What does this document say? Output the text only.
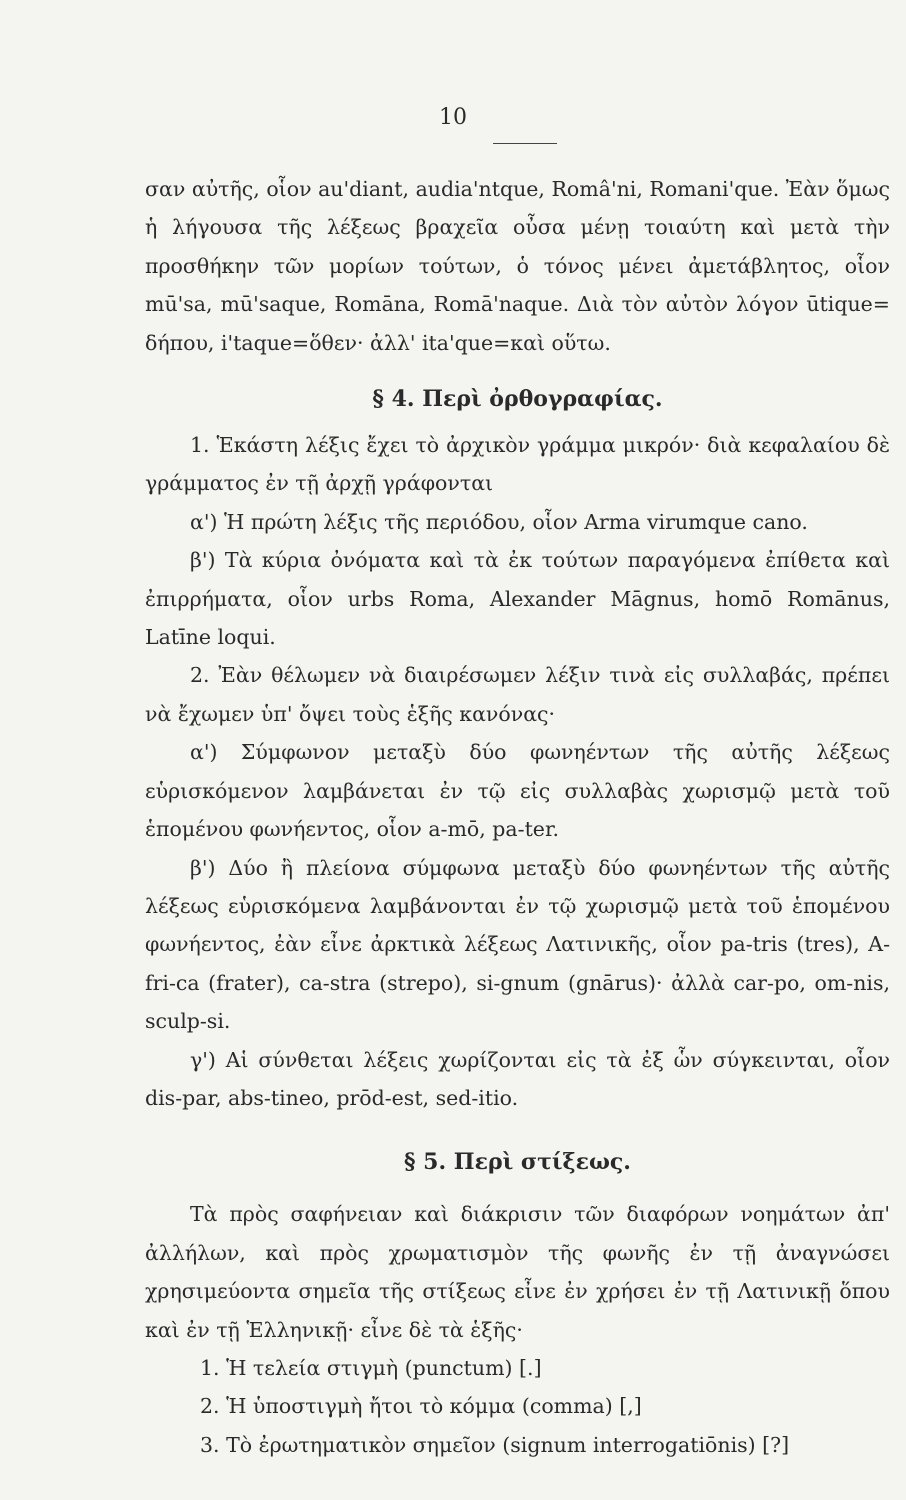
10

σαν αὐτῆς, οἷον au'diant, audia'ntque, Româ'ni, Romani'que. Ἐὰν ὅμως ἡ λήγουσα τῆς λέξεως βραχεῖα οὖσα μένῃ τοιαύτη καὶ μετὰ τὴν προσθήκην τῶν μορίων τούτων, ὁ τόνος μένει ἀμετάβλητος, οἷον mū'sa, mū'saque, Romāna, Romā'naque. Διὰ τὸν αὐτὸν λόγον ūtique= δήπου, i'taque=ὅθεν· ἀλλ' ita'que=καὶ οὕτω.

§ 4. Περὶ ὀρθογραφίας.

1. Ἑκάστη λέξις ἔχει τὸ ἀρχικὸν γράμμα μικρόν· διὰ κεφαλαίου δὲ γράμματος ἐν τῇ ἀρχῇ γράφονται

α') Ἡ πρώτη λέξις τῆς περιόδου, οἷον Arma virumque cano.

β') Τὰ κύρια ὀνόματα καὶ τὰ ἐκ τούτων παραγόμενα ἐπίθετα καὶ ἐπιρρήματα, οἷον urbs Roma, Alexander Māgnus, homō Romānus, Latīne loqui.

2. Ἐὰν θέλωμεν νὰ διαιρέσωμεν λέξιν τινὰ εἰς συλλαβάς, πρέπει νὰ ἔχωμεν ὑπ' ὄψει τοὺς ἑξῆς κανόνας·

α') Σύμφωνον μεταξὺ δύο φωνηέντων τῆς αὐτῆς λέξεως εὑρισκόμενον λαμβάνεται ἐν τῷ εἰς συλλαβὰς χωρισμῷ μετὰ τοῦ ἑπομένου φωνήεντος, οἷον a-mō, pa-ter.

β') Δύο ἢ πλείονα σύμφωνα μεταξὺ δύο φωνηέντων τῆς αὐτῆς λέξεως εὑρισκόμενα λαμβάνονται ἐν τῷ χωρισμῷ μετὰ τοῦ ἑπομένου φωνήεντος, ἐὰν εἶνε ἀρκτικὰ λέξεως Λατινικῆς, οἷον pa-tris (tres), A-fri-ca (frater), ca-stra (strepo), si-gnum (gnārus)· ἀλλὰ car-po, om-nis, sculp-si.

γ') Αἱ σύνθεται λέξεις χωρίζονται εἰς τὰ ἐξ ὧν σύγκεινται, οἷον dis-par, abs-tineo, prōd-est, sed-itio.

§ 5. Περὶ στίξεως.

Τὰ πρὸς σαφήνειαν καὶ διάκρισιν τῶν διαφόρων νοημάτων ἀπ' ἀλλήλων, καὶ πρὸς χρωματισμὸν τῆς φωνῆς ἐν τῇ ἀναγνώσει χρησιμεύοντα σημεῖα τῆς στίξεως εἶνε ἐν χρήσει ἐν τῇ Λατινικῇ ὅπου καὶ ἐν τῇ Ἑλληνικῇ· εἶνε δὲ τὰ ἑξῆς·

1. Ἡ τελεία στιγμὴ (punctum) [.]
2. Ἡ ὑποστιγμὴ ἤτοι τὸ κόμμα (comma) [,]
3. Τὸ ἐρωτηματικὸν σημεῖον (signum interrogatiōnis) [?]
